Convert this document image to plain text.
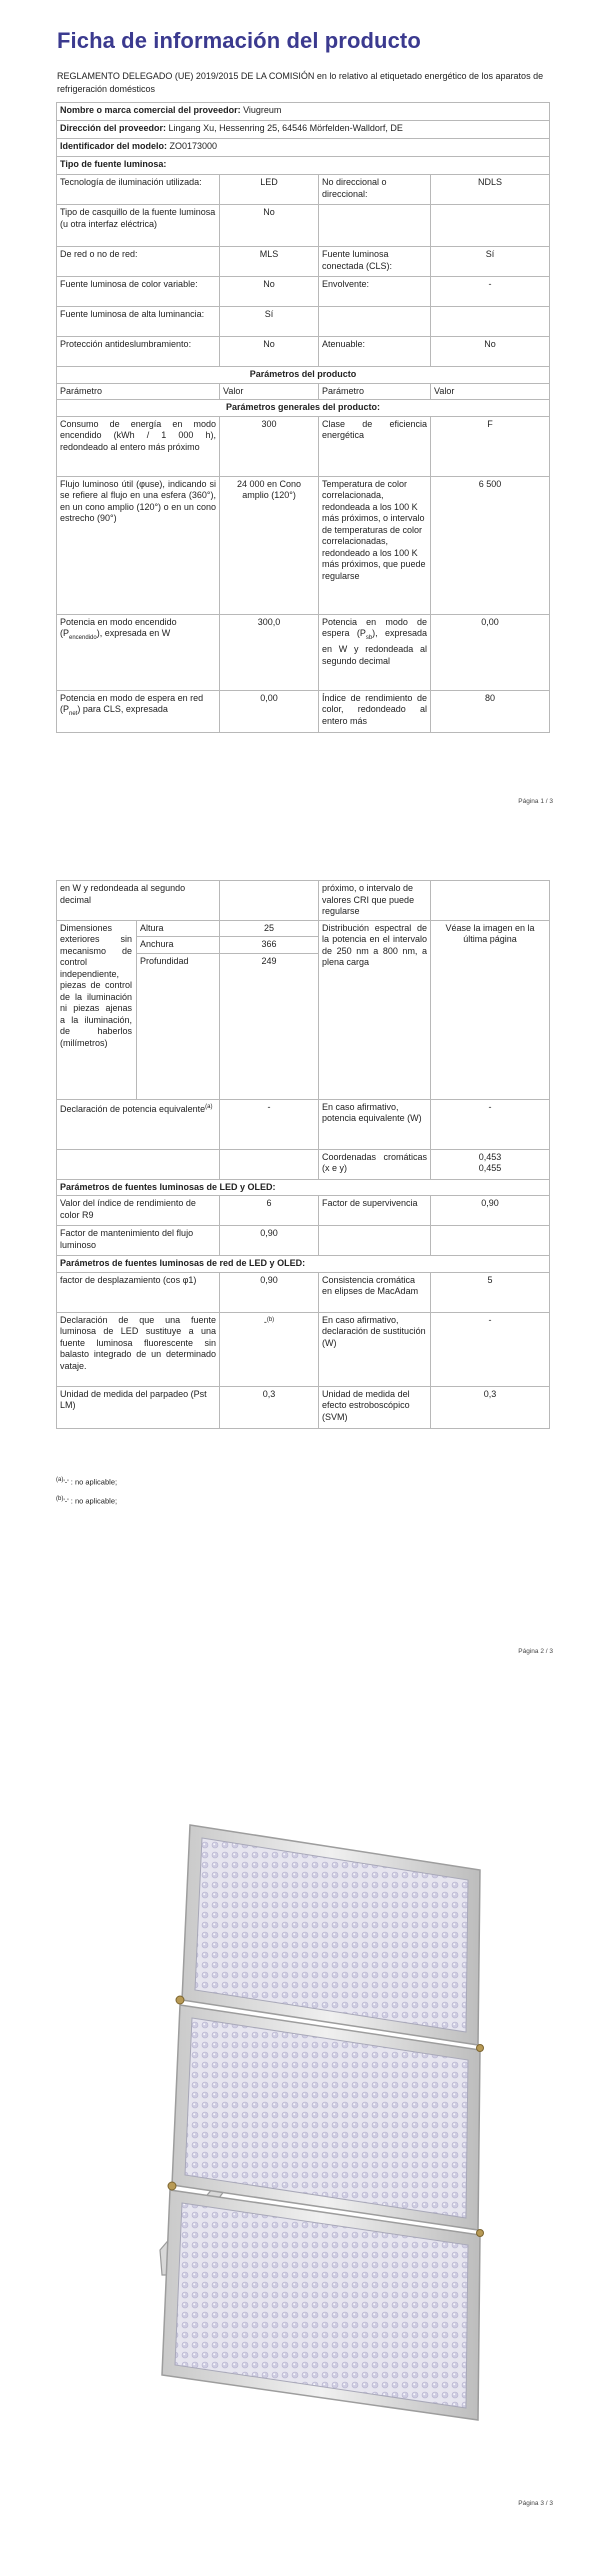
Ficha de información del producto
REGLAMENTO DELEGADO (UE) 2019/2015 DE LA COMISIÓN en lo relativo al etiquetado energético de los aparatos de refrigeración domésticos
Nombre o marca comercial del proveedor: Viugreum			
Dirección del proveedor: Lingang Xu, Hessenring 25, 64546 Mörfelden-Walldorf, DE			
Identificador del modelo: ZO0173000			
Tipo de fuente luminosa:			
Tecnología de iluminación utilizada:	LED	No direccional o direccional:	NDLS
Tipo de casquillo de la fuente luminosa
(u otra interfaz eléctrica)	No		
De red o no de red:	MLS	Fuente luminosa conectada (CLS):	Sí
Fuente luminosa de color variable:	No	Envolvente:	-
Fuente luminosa de alta luminancia:	Sí		
Protección antideslumbramiento:	No	Atenuable:	No
Parámetros del producto			
Parámetro	Valor	Parámetro	Valor
Parámetros generales del producto:			
Consumo de energía en modo encendido (kWh / 1 000 h), redondeado al entero más próximo	300	Clase de eficiencia energética	F
Flujo luminoso útil (φuse), indicando si se refiere al flujo en una esfera (360°), en un cono amplio (120°) o en un cono estrecho (90°)	24 000 en Cono amplio (120°)	Temperatura de color correlacionada, redondeada a los 100 K más próximos, o intervalo de temperaturas de color correlacionadas, redondeado a los 100 K más próximos, que puede regularse	6 500
Potencia en modo encendido $(P_{encendido})$, expresada en W	300,0	Potencia en modo de espera $(P_{sb})$, expresada en W y redondeada al segundo decimal	0,00
Potencia en modo de espera en red $(P_{net})$ para CLS, expresada	0,00	Índice de rendimiento de color, redondeado al entero más	80
Página 1 / 3
en W y redondeada al segundo decimal			próximo, o intervalo de valores CRI que puede regularse	
Dimensiones exteriores sin mecanismo de control independiente, piezas de control de la iluminación ni piezas ajenas a la iluminación, de haberlos (milímetros)	Altura	25	Distribución espectral de la potencia en el intervalo de 250 nm a 800 nm, a plena carga	Véase la imagen en la última página
	Anchura	366		
	Profundidad	249		
Declaración de potencia equivalente$^{(a)}$		-	En caso afirmativo, potencia equivalente (W)	-
			Coordenadas cromáticas (x e y)	0,453
0,455
Parámetros de fuentes luminosas de LED y OLED:				
Valor del índice de rendimiento de color R9		6	Factor de supervivencia	0,90
Factor de mantenimiento del flujo luminoso		0,90		
Parámetros de fuentes luminosas de red de LED y OLED:				
factor de desplazamiento (cos φ1)		0,90	Consistencia cromática en elipses de MacAdam	5
Declaración de que una fuente luminosa de LED sustituye a una fuente luminosa fluorescente sin balasto integrado de un determinado vataje.		-$^{(b)}$	En caso afirmativo, declaración de sustitución (W)	-
Unidad de medida del parpadeo (Pst LM)		0,3	Unidad de medida del efecto estroboscópico (SVM)	0,3
$^{(a)}$'-' : no aplicable;
$^{(b)}$'-' : no aplicable;
Página 2 / 3
Página 3 / 3
